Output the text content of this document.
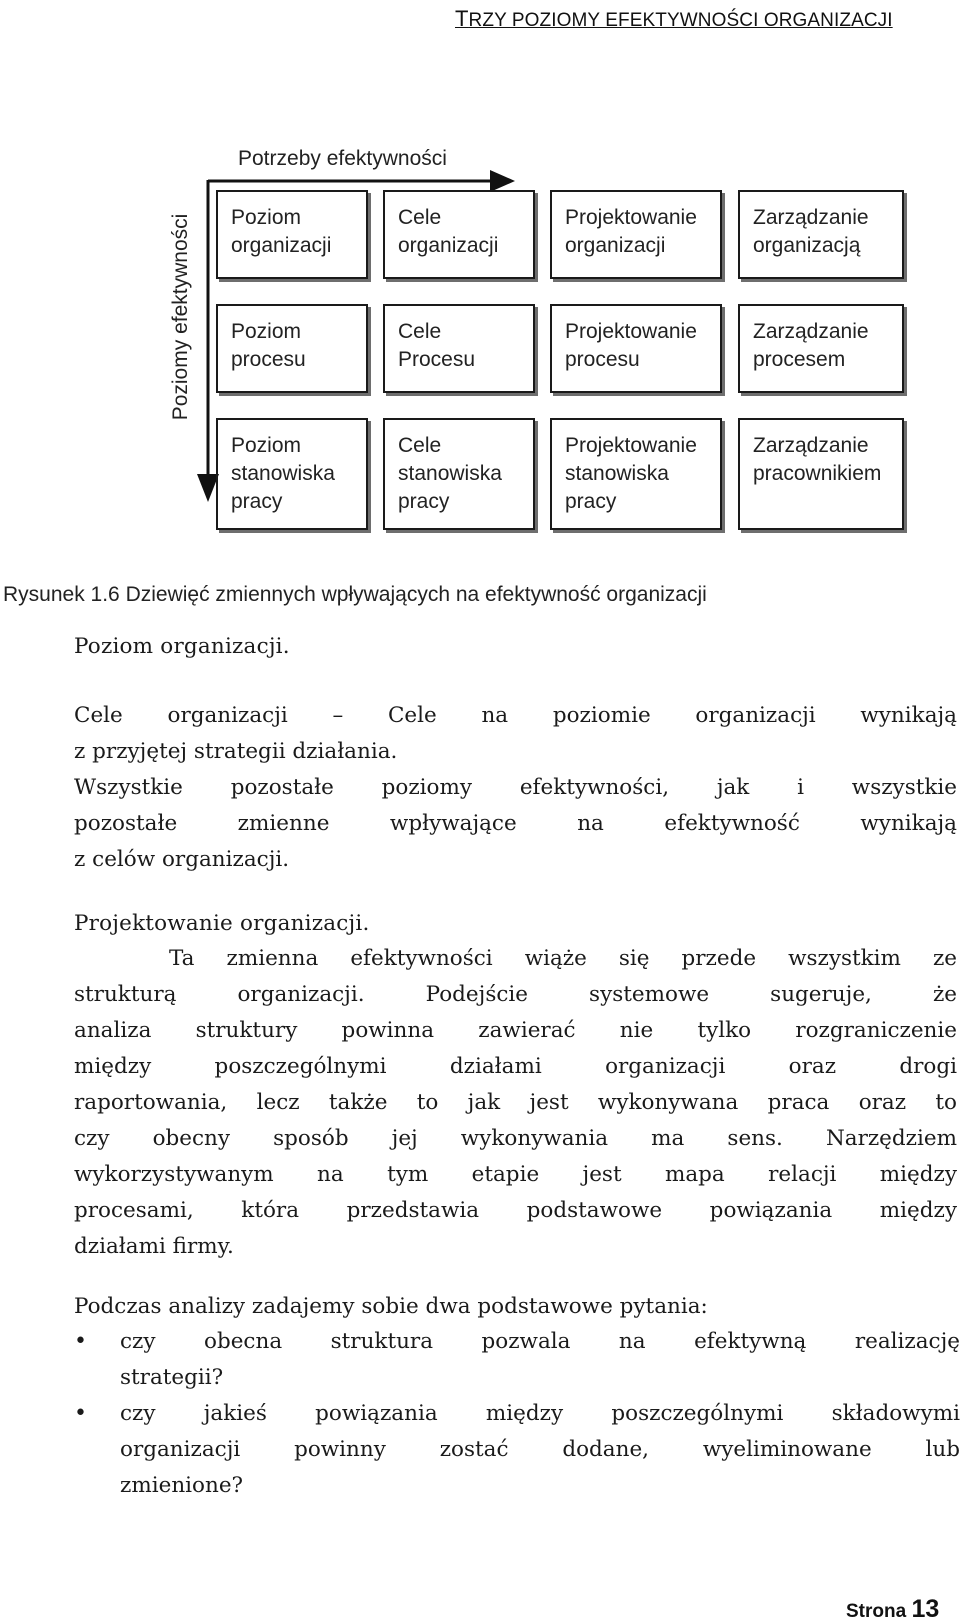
TRZY POZIOMY EFEKTYWNOŚCI ORGANIZACJI
Potrzeby efektywności
Poziomy efektywności Poziom
organizacji
Cele
organizacji
Projektowanie
organizacji
Zarządzanie
organizacją
Poziom
procesu
Cele
Procesu
Projektowanie
procesu
Zarządzanie
procesem
Poziom
stanowiska
pracy
Cele
stanowiska
pracy
Projektowanie
stanowiska
pracy
Zarządzanie
pracownikiem
Rysunek 1.6 Dziewięć zmiennych wpływających na efektywność organizacji
Poziom organizacji.
Cele organizacji – Cele na poziomie organizacji wynikają
z przyjętej strategii działania.
Wszystkie pozostałe poziomy efektywności, jak i wszystkie
pozostałe zmienne wpływające na efektywność wynikają
z celów organizacji.
Projektowanie organizacji.
Ta zmienna efektywności wiąże się przede wszystkim ze
strukturą organizacji. Podejście systemowe sugeruje, że
analiza struktury powinna zawierać nie tylko rozgraniczenie
między poszczególnymi działami organizacji oraz drogi
raportowania, lecz także to jak jest wykonywana praca oraz to
czy obecny sposób jej wykonywania ma sens. Narzędziem
wykorzystywanym na tym etapie jest mapa relacji między
procesami, która przedstawia podstawowe powiązania między
działami firmy.
Podczas analizy zadajemy sobie dwa podstawowe pytania:
• czy obecna struktura pozwala na efektywną realizację
strategii?
• czy jakieś powiązania między poszczególnymi składowymi
organizacji powinny zostać dodane, wyeliminowane lub
zmienione?
Strona 13
